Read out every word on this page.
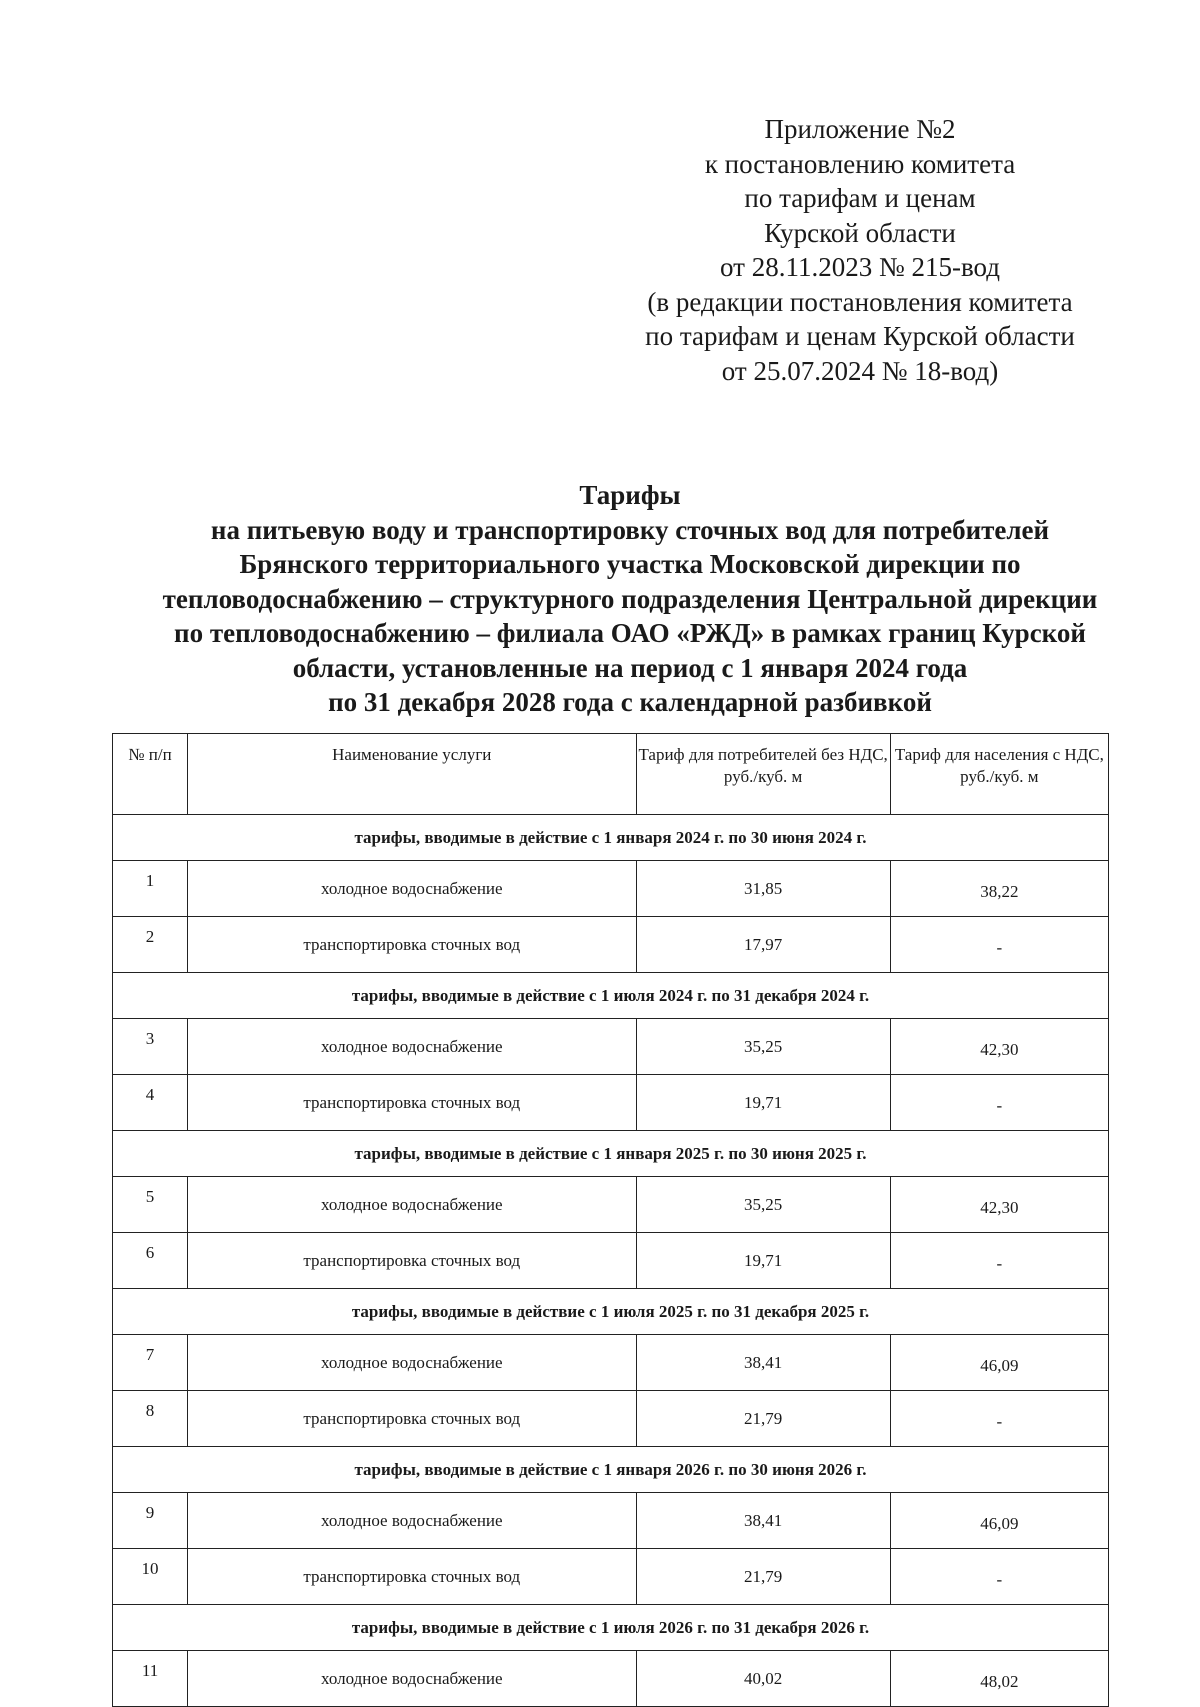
Приложение №2
к постановлению комитета
по тарифам и ценам
Курской области
от 28.11.2023 № 215-вод
(в редакции постановления комитета
по тарифам и ценам Курской области
от 25.07.2024 № 18-вод)
Тарифы
на питьевую воду и транспортировку сточных вод для потребителей
Брянского территориального участка Московской дирекции по
тепловодоснабжению – структурного подразделения Центральной дирекции
по тепловодоснабжению – филиала ОАО «РЖД» в рамках границ Курской
области, установленные на период с 1 января 2024 года
по 31 декабря 2028 года с календарной разбивкой
№ п/п	Наименование услуги	Тариф для потребителей без НДС, руб./куб. м	Тариф для населения с НДС, руб./куб. м
тарифы, вводимые в действие с 1 января 2024 г. по 30 июня 2024 г.			
1	холодное водоснабжение	31,85	38,22
2	транспортировка сточных вод	17,97	-
тарифы, вводимые в действие с 1 июля 2024 г. по 31 декабря 2024 г.			
3	холодное водоснабжение	35,25	42,30
4	транспортировка сточных вод	19,71	-
тарифы, вводимые в действие с 1 января 2025 г. по 30 июня 2025 г.			
5	холодное водоснабжение	35,25	42,30
6	транспортировка сточных вод	19,71	-
тарифы, вводимые в действие с 1 июля 2025 г. по 31 декабря 2025 г.			
7	холодное водоснабжение	38,41	46,09
8	транспортировка сточных вод	21,79	-
тарифы, вводимые в действие с 1 января 2026 г. по 30 июня 2026 г.			
9	холодное водоснабжение	38,41	46,09
10	транспортировка сточных вод	21,79	-
тарифы, вводимые в действие с 1 июля 2026 г. по 31 декабря 2026 г.			
11	холодное водоснабжение	40,02	48,02
